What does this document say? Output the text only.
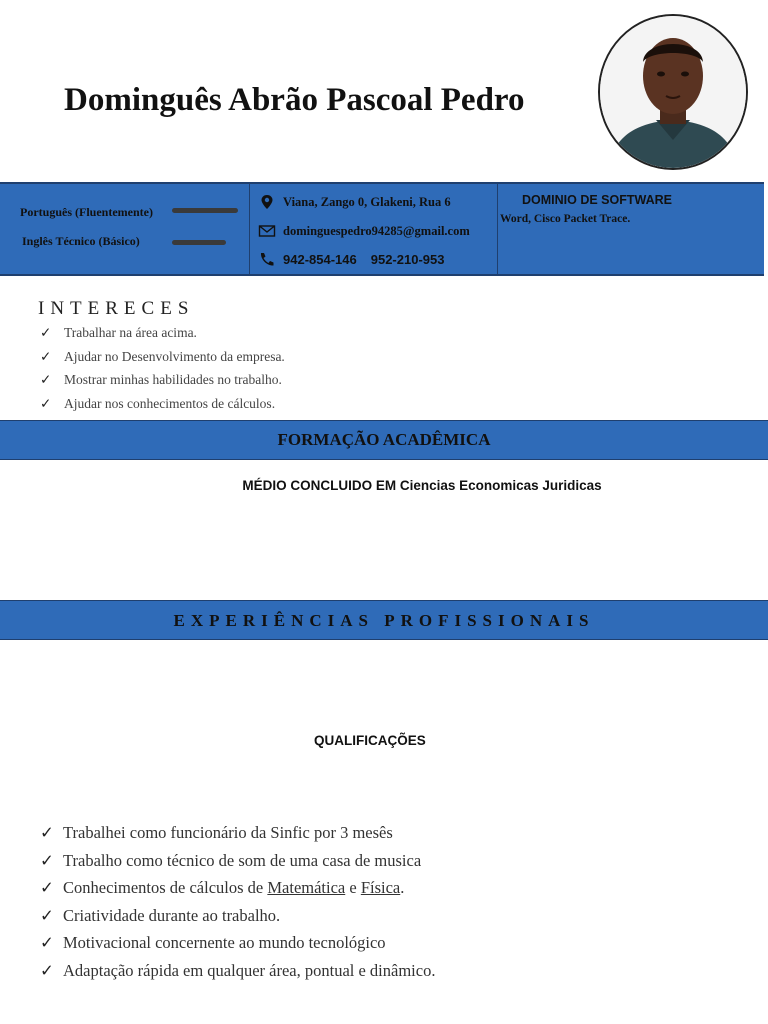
Dominguês Abrão Pascoal Pedro
Português (Fluentemente)
Inglês Técnico (Básico)
Viana, Zango 0, Glakeni, Rua 6
dominguespedro94285@gmail.com
942-854-146 952-210-953
DOMINIO DE SOFTWARE
Word, Cisco Packet Trace.
INTERECES
✓ Trabalhar na área acima.
✓ Ajudar no Desenvolvimento da empresa.
✓ Mostrar minhas habilidades no trabalho.
✓ Ajudar nos conhecimentos de cálculos.
FORMAÇÃO ACADÊMICA
MÉDIO CONCLUIDO EM Ciencias Economicas Juridicas
EXPERIÊNCIAS PROFISSIONAIS
QUALIFICAÇÕES
✓ Trabalhei como funcionário da Sinfic por 3 mesês
✓ Trabalho como técnico de som de uma casa de musica
✓ Conhecimentos de cálculos de Matemática e Física.
✓ Criatividade durante ao trabalho.
✓ Motivacional concernente ao mundo tecnológico
✓ Adaptação rápida em qualquer área, pontual e dinâmico.
